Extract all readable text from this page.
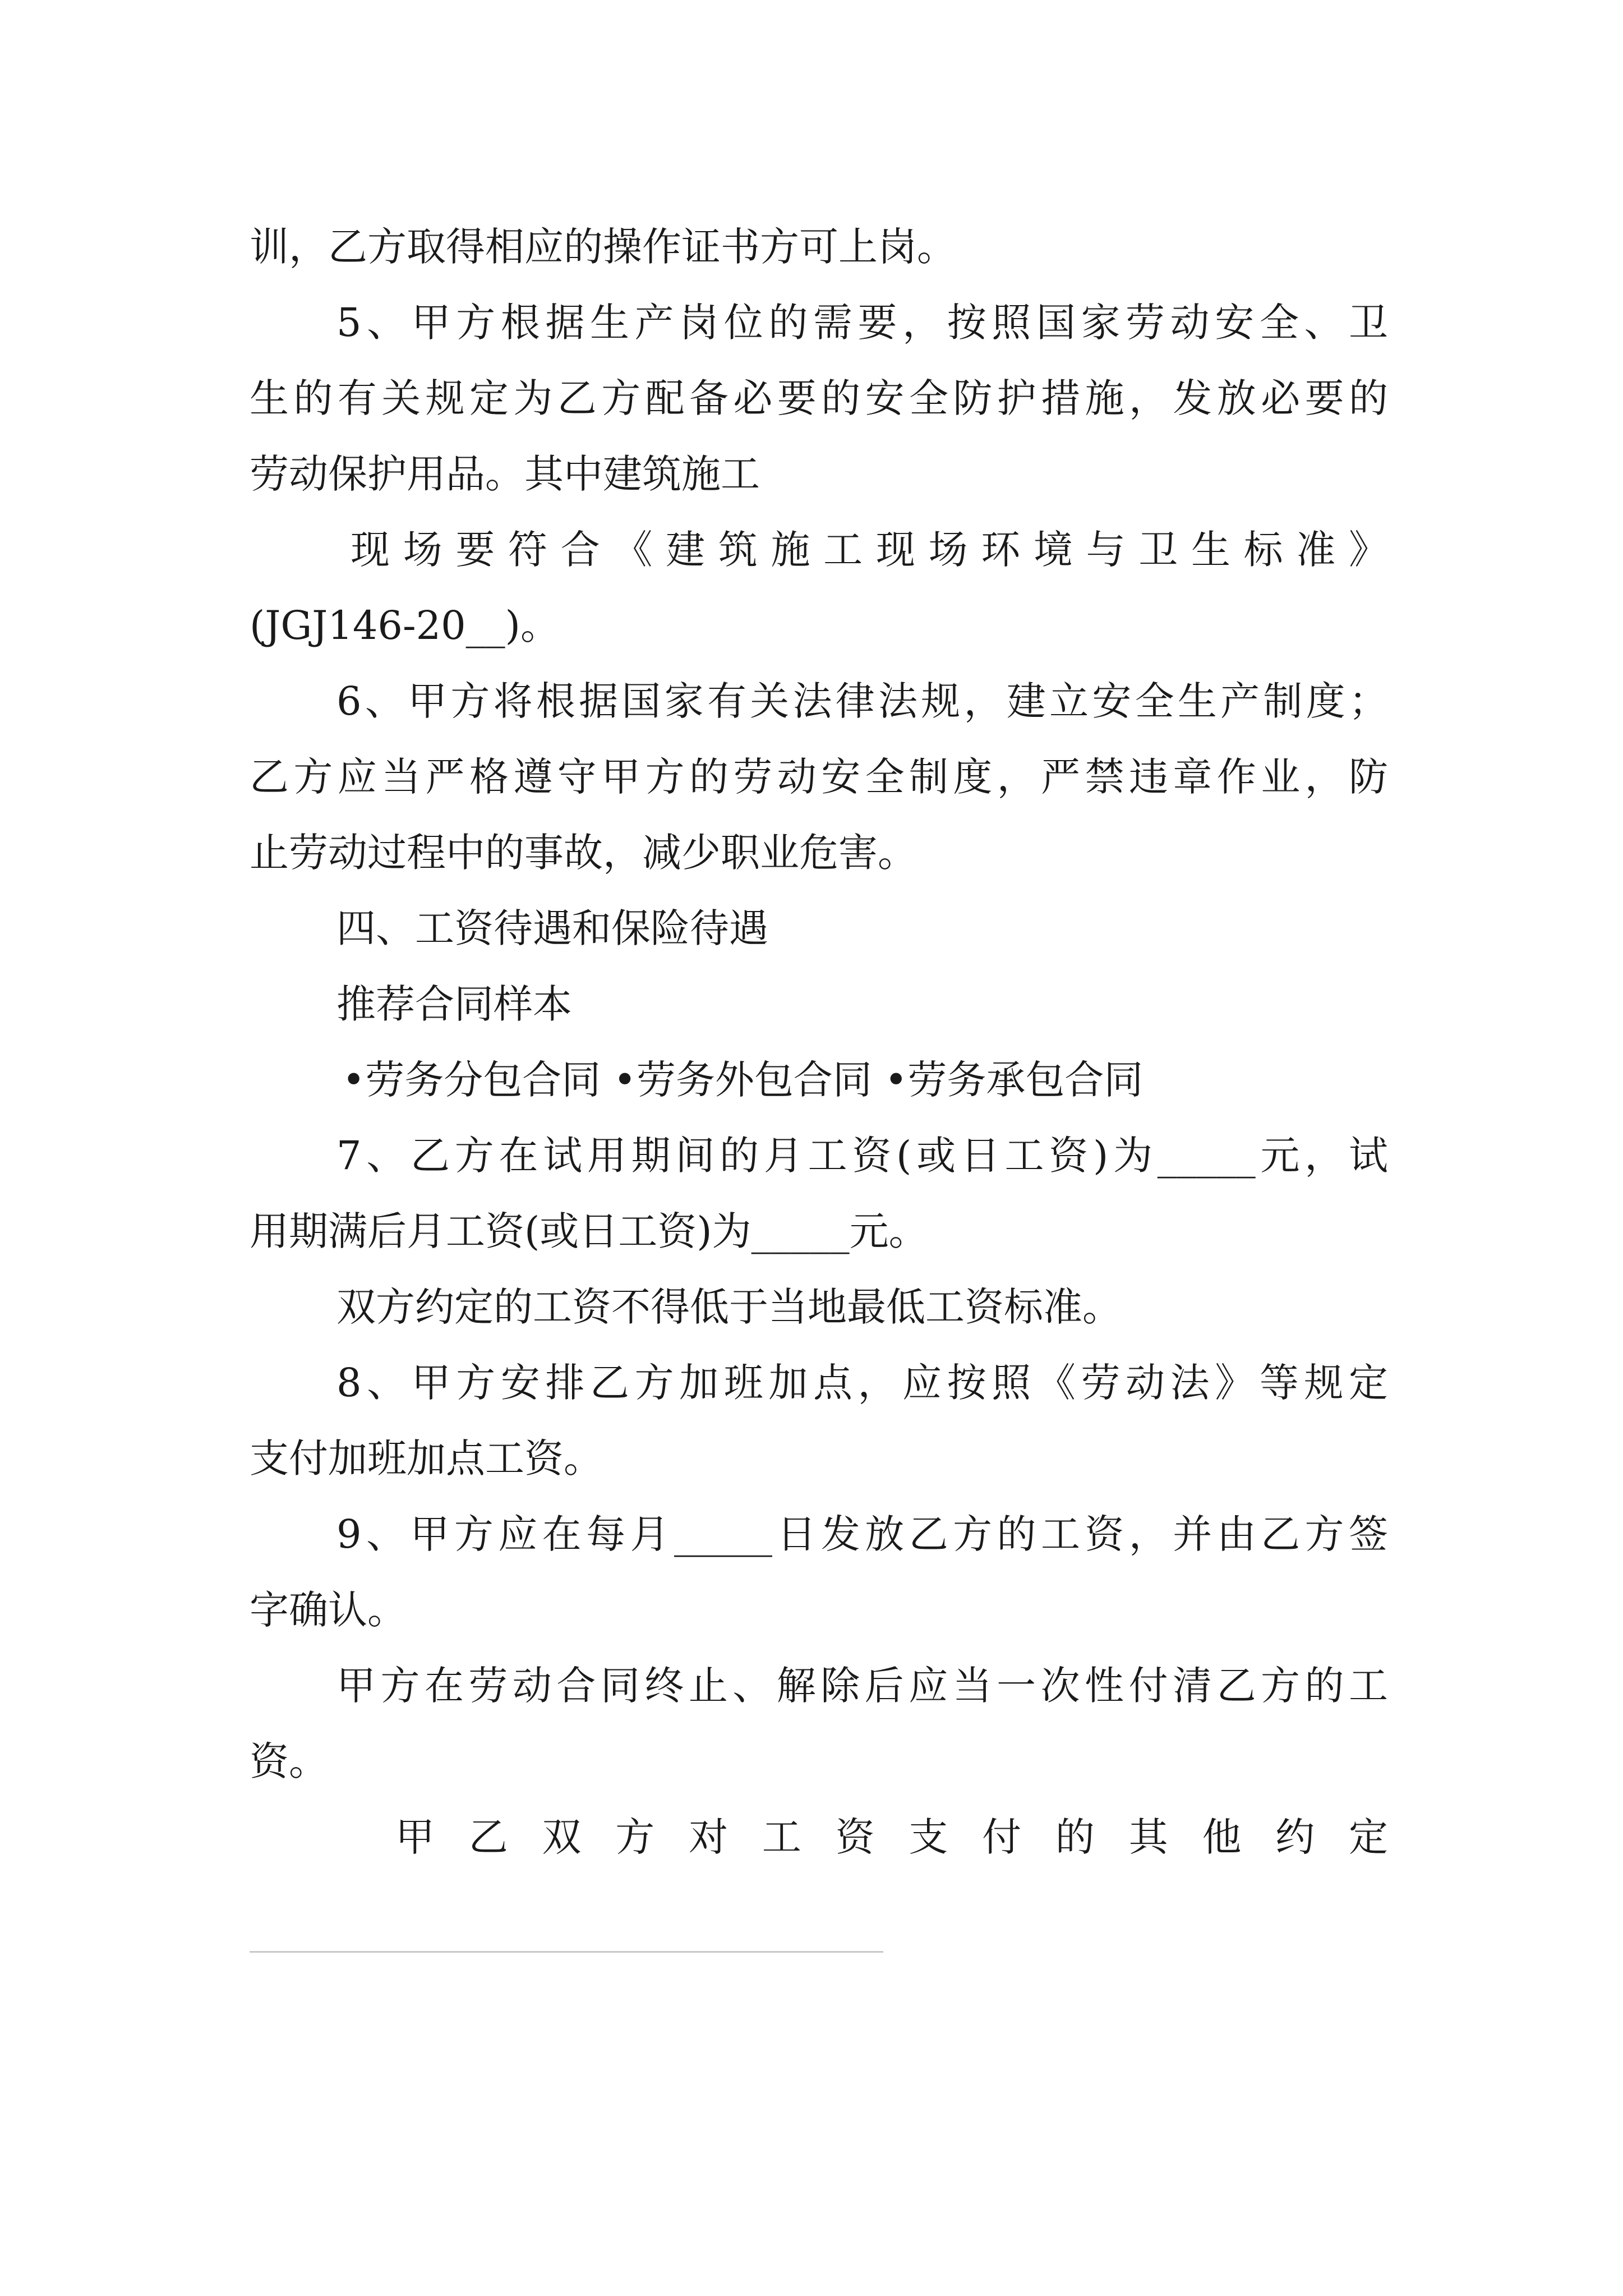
训，乙方取得相应的操作证书方可上岗。
5、甲方根据生产岗位的需要，按照国家劳动安全、卫
生的有关规定为乙方配备必要的安全防护措施，发放必要的
劳动保护用品。其中建筑施工
现场要符合《建筑施工现场环境与卫生标准》
(JGJ146-20__)。
6、甲方将根据国家有关法律法规，建立安全生产制度；
乙方应当严格遵守甲方的劳动安全制度，严禁违章作业，防
止劳动过程中的事故，减少职业危害。
四、工资待遇和保险待遇
推荐合同样本
•劳务分包合同 •劳务外包合同 •劳务承包合同
7、乙方在试用期间的月工资(或日工资)为_____元，试
用期满后月工资(或日工资)为_____元。
双方约定的工资不得低于当地最低工资标准。
8、甲方安排乙方加班加点，应按照《劳动法》等规定
支付加班加点工资。
9、甲方应在每月_____日发放乙方的工资，并由乙方签
字确认。
甲方在劳动合同终止、解除后应当一次性付清乙方的工
资。
甲乙双方对工资支付的其他约定
